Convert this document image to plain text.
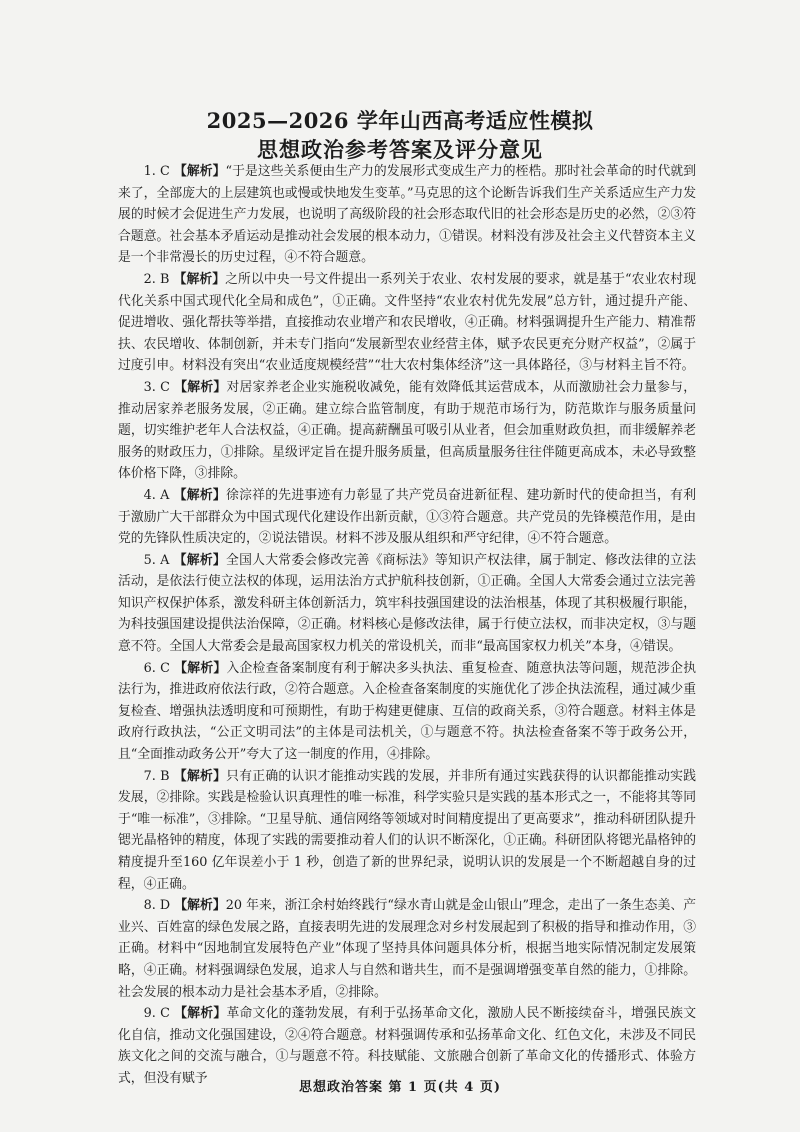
2025—2026 学年山西高考适应性模拟
思想政治参考答案及评分意见

1. C 【解析】“于是这些关系便由生产力的发展形式变成生产力的桎梏。那时社会革命的时代就到来了，全部庞大的上层建筑也或慢或快地发生变革。”马克思的这个论断告诉我们生产关系适应生产力发展的时候才会促进生产力发展，也说明了高级阶段的社会形态取代旧的社会形态是历史的必然，②③符合题意。社会基本矛盾运动是推动社会发展的根本动力，①错误。材料没有涉及社会主义代替资本主义是一个非常漫长的历史过程，④不符合题意。

2. B 【解析】之所以中央一号文件提出一系列关于农业、农村发展的要求，就是基于“农业农村现代化关系中国式现代化全局和成色”，①正确。文件坚持“农业农村优先发展”总方针，通过提升产能、促进增收、强化帮扶等举措，直接推动农业增产和农民增收，④正确。材料强调提升生产能力、精准帮扶、农民增收、体制创新，并未专门指向“发展新型农业经营主体，赋予农民更充分财产权益”，②属于过度引申。材料没有突出“农业适度规模经营”“壮大农村集体经济”这一具体路径，③与材料主旨不符。

3. C 【解析】对居家养老企业实施税收减免，能有效降低其运营成本，从而激励社会力量参与，推动居家养老服务发展，②正确。建立综合监管制度，有助于规范市场行为，防范欺诈与服务质量问题，切实维护老年人合法权益，④正确。提高薪酬虽可吸引从业者，但会加重财政负担，而非缓解养老服务的财政压力，①排除。星级评定旨在提升服务质量，但高质量服务往往伴随更高成本，未必导致整体价格下降，③排除。

4. A 【解析】徐淙祥的先进事迹有力彰显了共产党员奋进新征程、建功新时代的使命担当，有利于激励广大干部群众为中国式现代化建设作出新贡献，①③符合题意。共产党员的先锋模范作用，是由党的先锋队性质决定的，②说法错误。材料不涉及服从组织和严守纪律，④不符合题意。

5. A 【解析】全国人大常委会修改完善《商标法》等知识产权法律，属于制定、修改法律的立法活动，是依法行使立法权的体现，运用法治方式护航科技创新，①正确。全国人大常委会通过立法完善知识产权保护体系，激发科研主体创新活力，筑牢科技强国建设的法治根基，体现了其积极履行职能，为科技强国建设提供法治保障，②正确。材料核心是修改法律，属于行使立法权，而非决定权，③与题意不符。全国人大常委会是最高国家权力机关的常设机关，而非“最高国家权力机关”本身，④错误。

6. C 【解析】入企检查备案制度有利于解决多头执法、重复检查、随意执法等问题，规范涉企执法行为，推进政府依法行政，②符合题意。入企检查备案制度的实施优化了涉企执法流程，通过减少重复检查、增强执法透明度和可预期性，有助于构建更健康、互信的政商关系，③符合题意。材料主体是政府行政执法，“公正文明司法”的主体是司法机关，①与题意不符。执法检查备案不等于政务公开，且“全面推动政务公开”夸大了这一制度的作用，④排除。

7. B 【解析】只有正确的认识才能推动实践的发展，并非所有通过实践获得的认识都能推动实践发展，②排除。实践是检验认识真理性的唯一标准，科学实验只是实践的基本形式之一，不能将其等同于“唯一标准”，③排除。“卫星导航、通信网络等领域对时间精度提出了更高要求”，推动科研团队提升锶光晶格钟的精度，体现了实践的需要推动着人们的认识不断深化，①正确。科研团队将锶光晶格钟的精度提升至160 亿年误差小于 1 秒，创造了新的世界纪录，说明认识的发展是一个不断超越自身的过程，④正确。

8. D 【解析】20 年来，浙江余村始终践行“绿水青山就是金山银山”理念，走出了一条生态美、产业兴、百姓富的绿色发展之路，直接表明先进的发展理念对乡村发展起到了积极的指导和推动作用，③正确。材料中“因地制宜发展特色产业”体现了坚持具体问题具体分析，根据当地实际情况制定发展策略，④正确。材料强调绿色发展，追求人与自然和谐共生，而不是强调增强变革自然的能力，①排除。社会发展的根本动力是社会基本矛盾，②排除。

9. C 【解析】革命文化的蓬勃发展，有利于弘扬革命文化，激励人民不断接续奋斗，增强民族文化自信，推动文化强国建设，②④符合题意。材料强调传承和弘扬革命文化、红色文化，未涉及不同民族文化之间的交流与融合，①与题意不符。科技赋能、文旅融合创新了革命文化的传播形式、体验方式，但没有赋予

思想政治答案 第 1 页(共 4 页)
